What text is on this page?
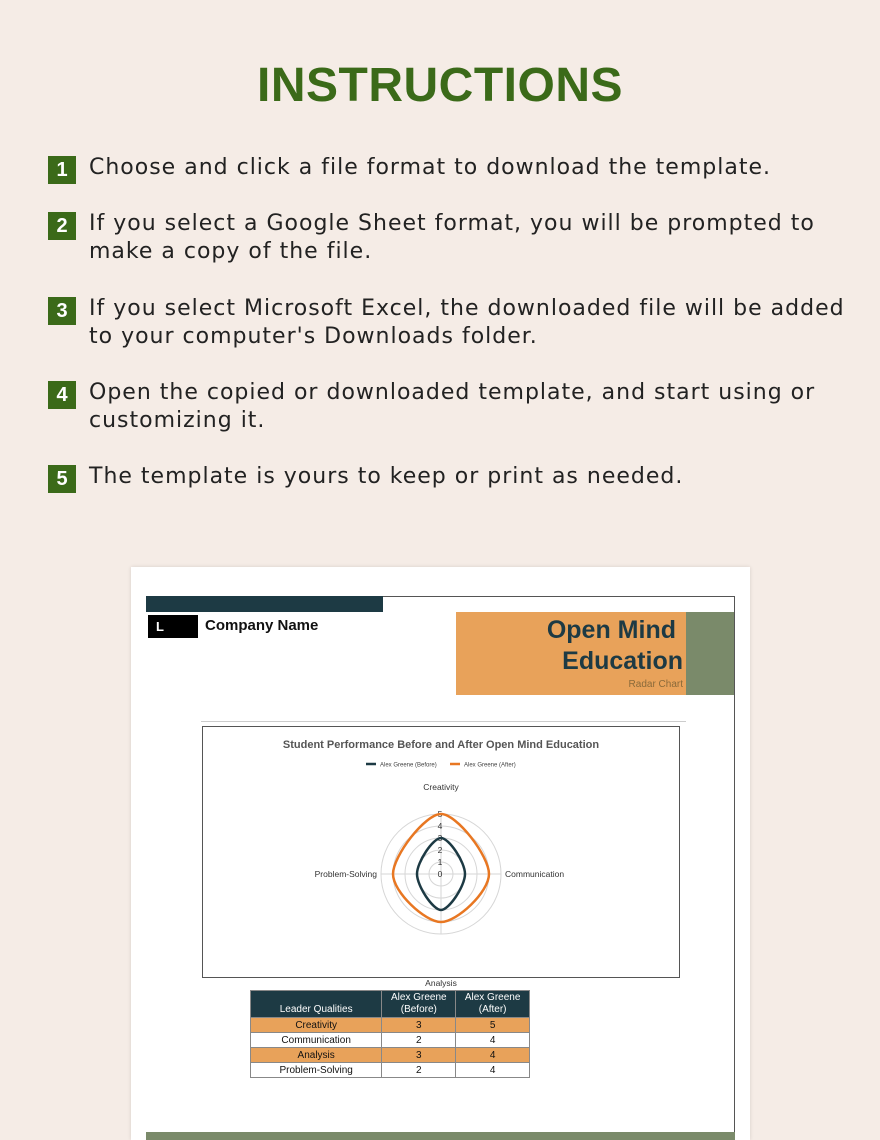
INSTRUCTIONS
1 Choose and click a file format to download the template.
2 If you select a Google Sheet format, you will be prompted to make a copy of the file.
3 If you select Microsoft Excel, the downloaded file will be added to your computer's Downloads folder.
4 Open the copied or downloaded template, and start using or customizing it.
5 The template is yours to keep or print as needed.
L	Company Name	Open Mind
Education
Radar Chart
Student Performance Before and After Open Mind Education
Alex Greene (Before)	Alex Greene (After)
0
1
2
3
4
5
Creativity
Communication
Analysis
Problem-Solving
Leader Qualities	Alex Greene (Before)	Alex Greene (After)
Creativity	3	5
Communication	2	4
Analysis	3	4
Problem-Solving	2	4
